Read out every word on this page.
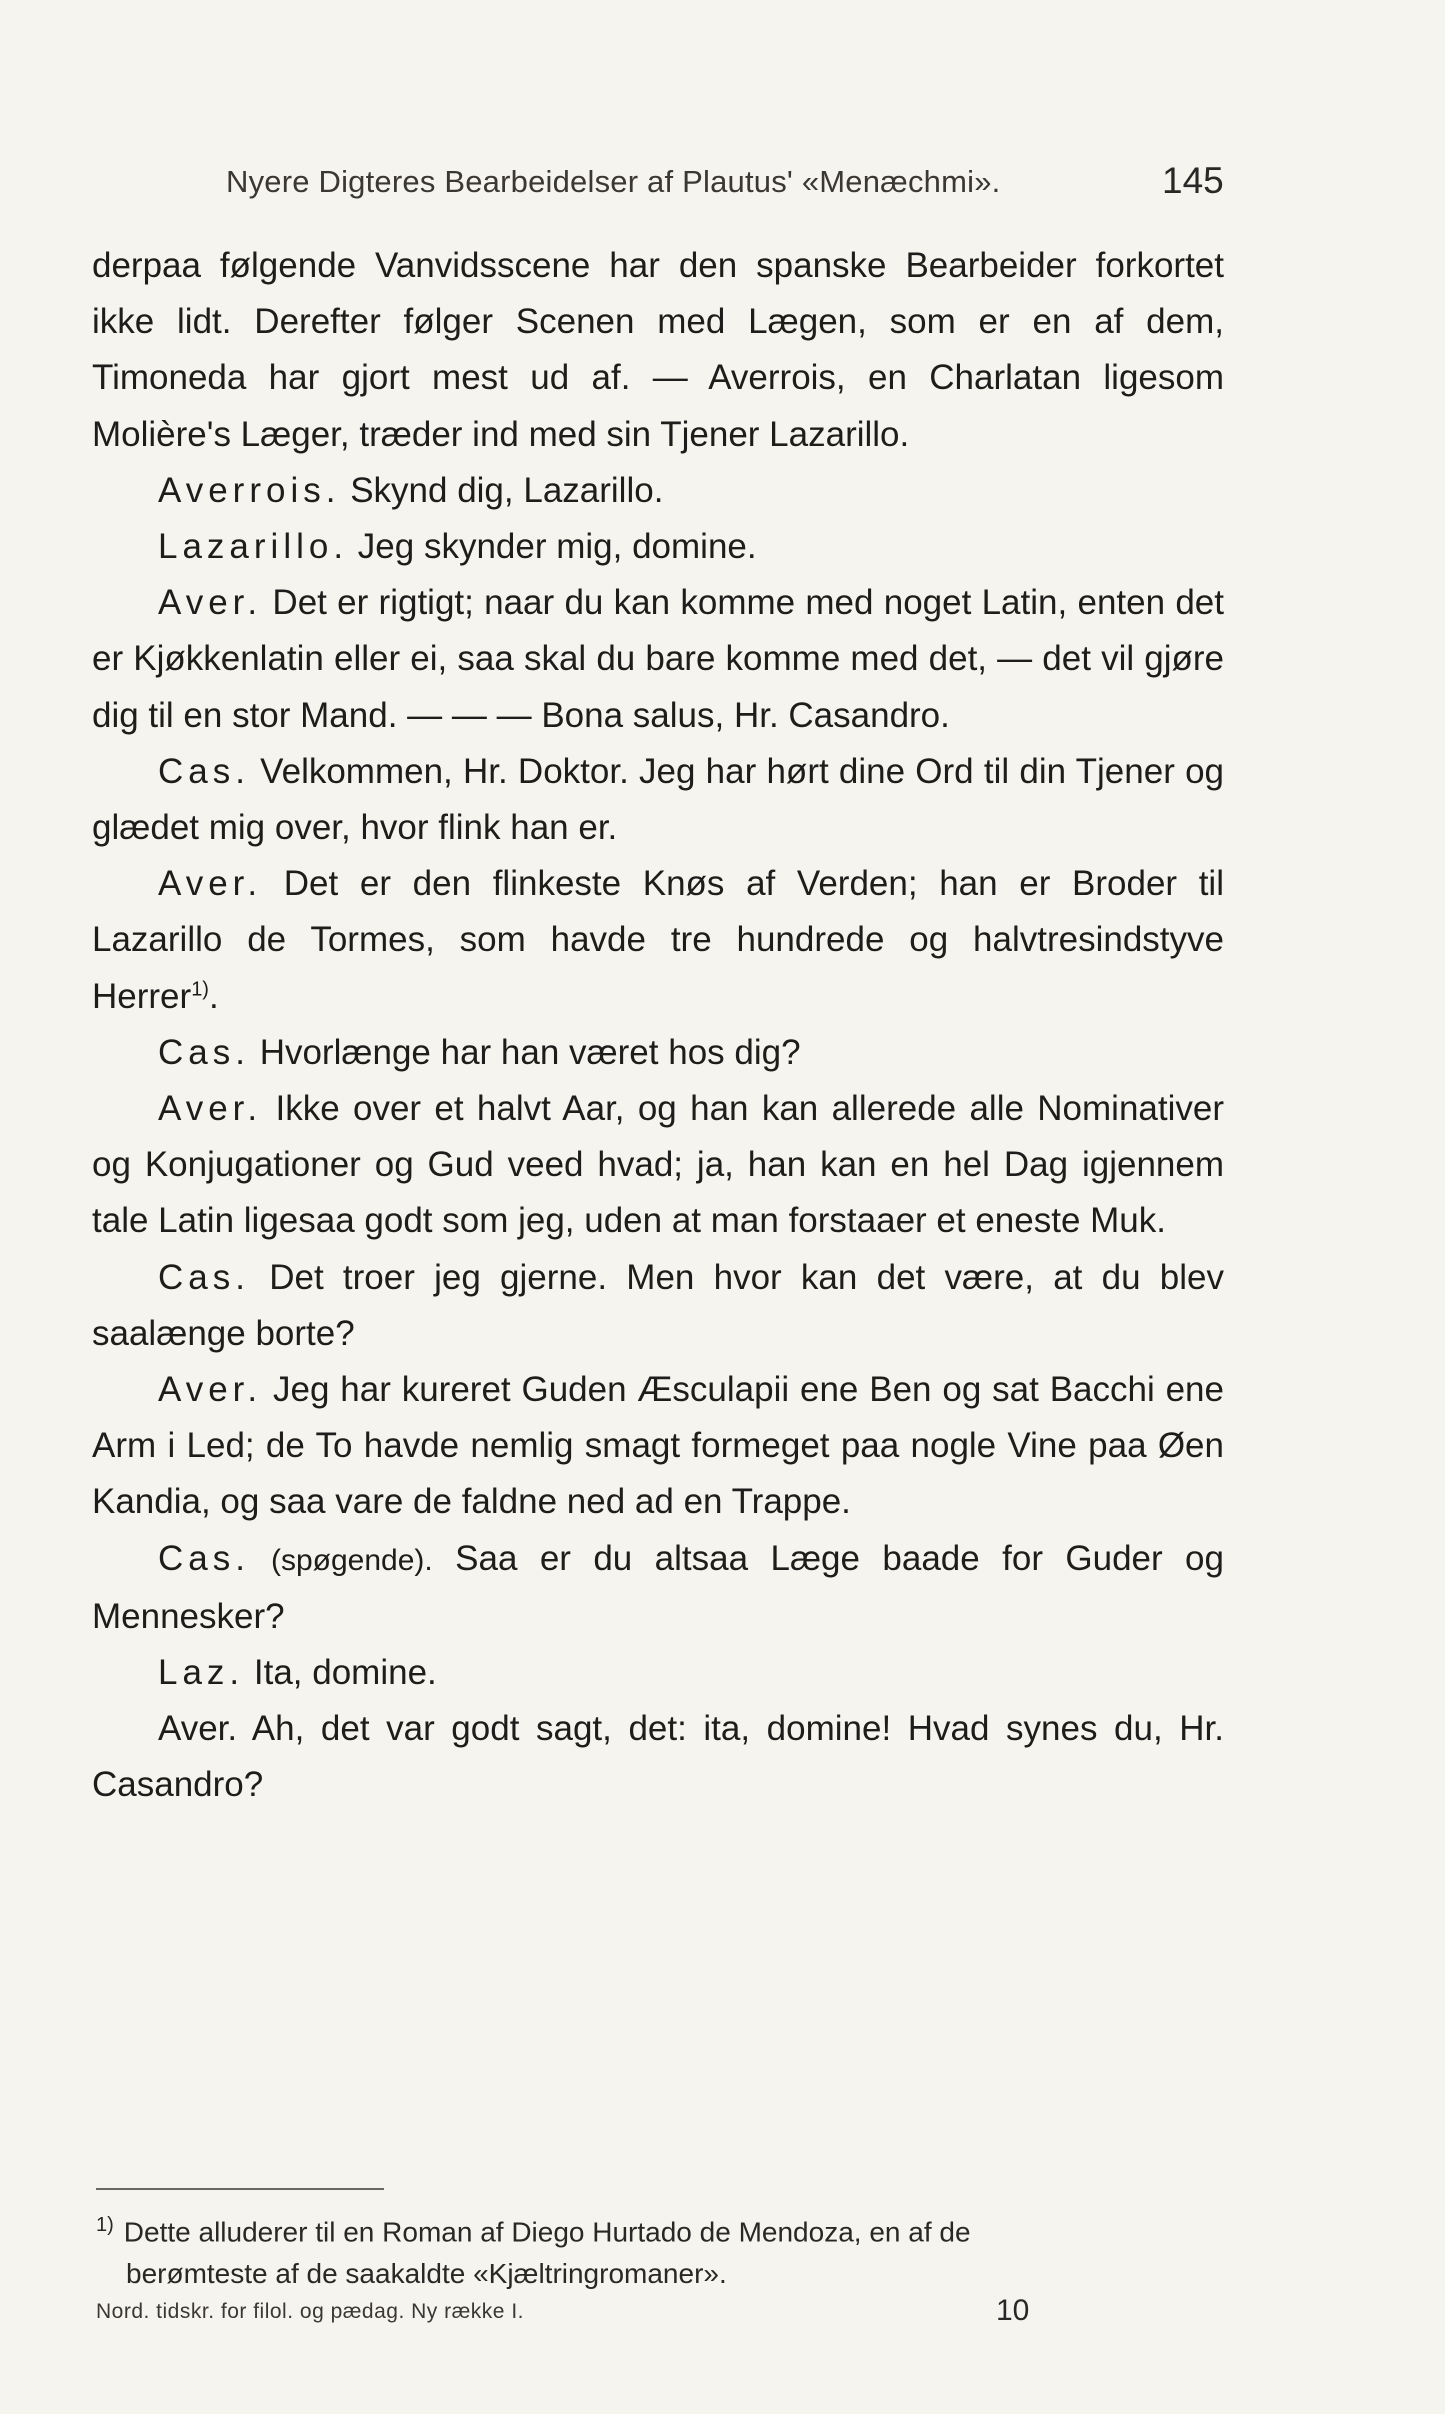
Nyere Digteres Bearbeidelser af Plautus' «Menæchmi».	145

derpaa følgende Vanvidsscene har den spanske Bearbeider forkortet ikke lidt. Derefter følger Scenen med Lægen, som er en af dem, Timoneda har gjort mest ud af. — Averrois, en Charlatan ligesom Molière's Læger, træder ind med sin Tjener Lazarillo.

Averrois. Skynd dig, Lazarillo.

Lazarillo. Jeg skynder mig, domine.

Aver. Det er rigtigt; naar du kan komme med noget Latin, enten det er Kjøkkenlatin eller ei, saa skal du bare komme med det, — det vil gjøre dig til en stor Mand. — — — Bona salus, Hr. Casandro.

Cas. Velkommen, Hr. Doktor. Jeg har hørt dine Ord til din Tjener og glædet mig over, hvor flink han er.

Aver. Det er den flinkeste Knøs af Verden; han er Broder til Lazarillo de Tormes, som havde tre hundrede og halvtresindstyve Herrer$^{1)}$.

Cas. Hvorlænge har han været hos dig?

Aver. Ikke over et halvt Aar, og han kan allerede alle Nominativer og Konjugationer og Gud veed hvad; ja, han kan en hel Dag igjennem tale Latin ligesaa godt som jeg, uden at man forstaaer et eneste Muk.

Cas. Det troer jeg gjerne. Men hvor kan det være, at du blev saalænge borte?

Aver. Jeg har kureret Guden Æsculapii ene Ben og sat Bacchi ene Arm i Led; de To havde nemlig smagt formeget paa nogle Vine paa Øen Kandia, og saa vare de faldne ned ad en Trappe.

Cas. (spøgende). Saa er du altsaa Læge baade for Guder og Mennesker?

Laz. Ita, domine.

Aver. Ah, det var godt sagt, det: ita, domine! Hvad synes du, Hr. Casandro?

$^{1)}$ Dette alluderer til en Roman af Diego Hurtado de Mendoza, en af de
berømteste af de saakaldte «Kjæltringromaner».
Nord. tidskr. for filol. og pædag. Ny række I.	10
